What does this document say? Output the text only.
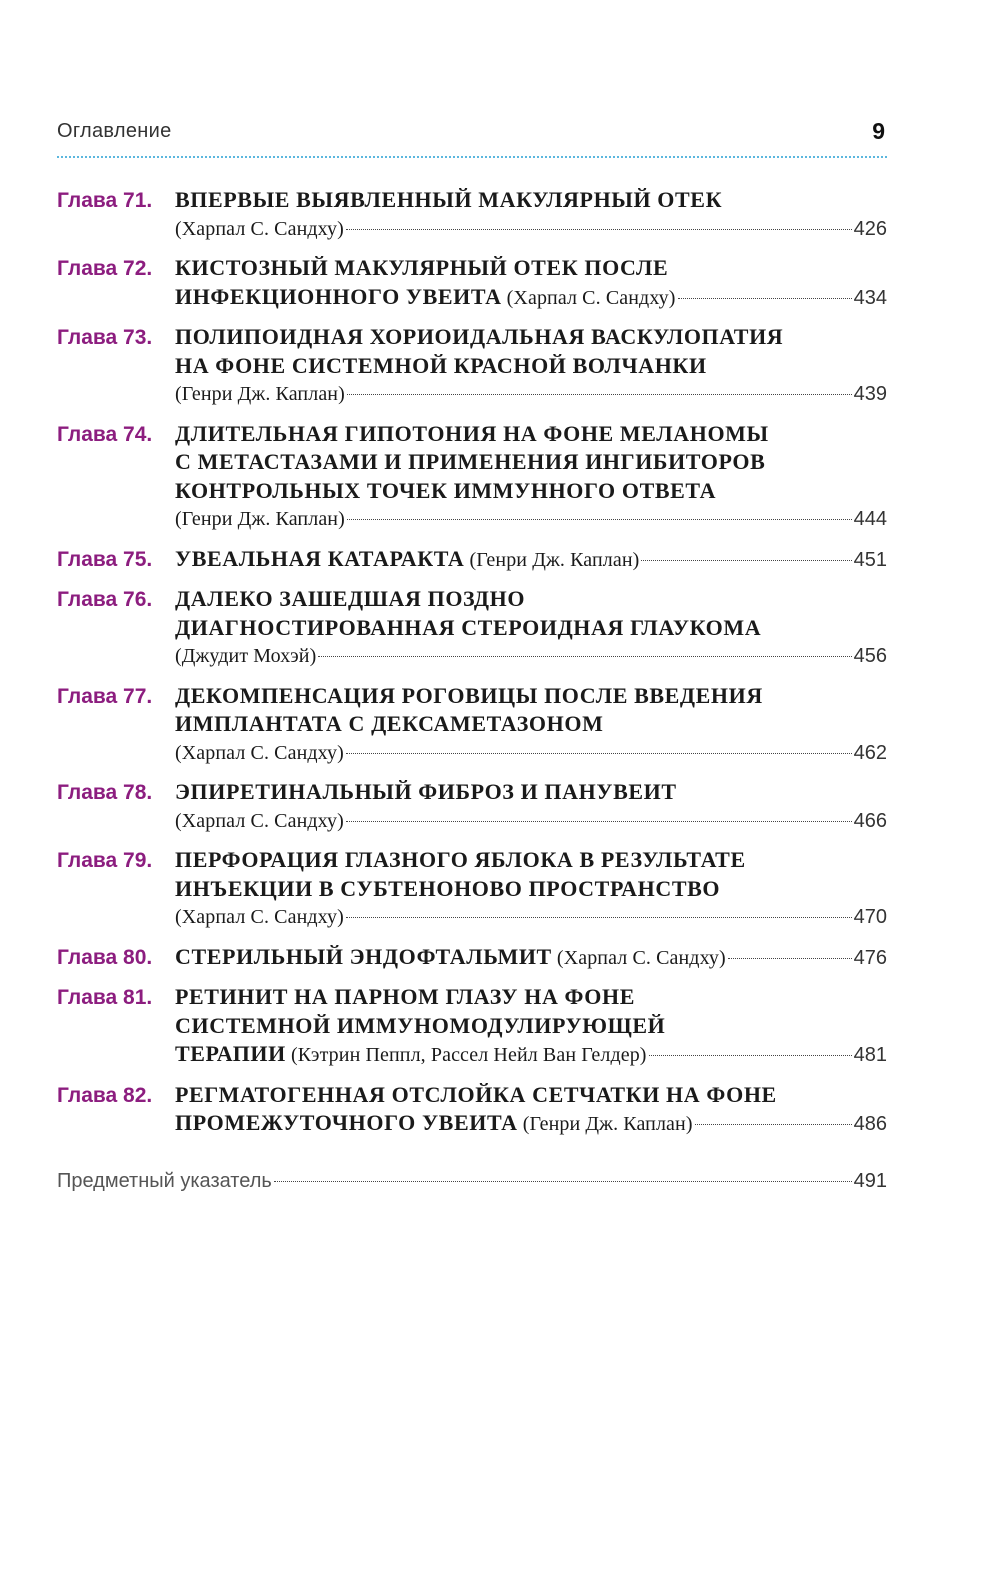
Оглавление	9
Глава 71. ВПЕРВЫЕ ВЫЯВЛЕННЫЙ МАКУЛЯРНЫЙ ОТЕК
(Харпал С. Сандху)	426
Глава 72. КИСТОЗНЫЙ МАКУЛЯРНЫЙ ОТЕК ПОСЛЕ
ИНФЕКЦИОННОГО УВЕИТА (Харпал С. Сандху)	434
Глава 73. ПОЛИПОИДНАЯ ХОРИОИДАЛЬНАЯ ВАСКУЛОПАТИЯ
НА ФОНЕ СИСТЕМНОЙ КРАСНОЙ ВОЛЧАНКИ
(Генри Дж. Каплан)	439
Глава 74. ДЛИТЕЛЬНАЯ ГИПОТОНИЯ НА ФОНЕ МЕЛАНОМЫ
С МЕТАСТАЗАМИ И ПРИМЕНЕНИЯ ИНГИБИТОРОВ
КОНТРОЛЬНЫХ ТОЧЕК ИММУННОГО ОТВЕТА
(Генри Дж. Каплан)	444
Глава 75. УВЕАЛЬНАЯ КАТАРАКТА (Генри Дж. Каплан)	451
Глава 76. ДАЛЕКО ЗАШЕДШАЯ ПОЗДНО
ДИАГНОСТИРОВАННАЯ СТЕРОИДНАЯ ГЛАУКОМА
(Джудит Мохэй)	456
Глава 77. ДЕКОМПЕНСАЦИЯ РОГОВИЦЫ ПОСЛЕ ВВЕДЕНИЯ
ИМПЛАНТАТА С ДЕКСАМЕТАЗОНОМ
(Харпал С. Сандху)	462
Глава 78. ЭПИРЕТИНАЛЬНЫЙ ФИБРОЗ И ПАНУВЕИТ
(Харпал С. Сандху)	466
Глава 79. ПЕРФОРАЦИЯ ГЛАЗНОГО ЯБЛОКА В РЕЗУЛЬТАТЕ
ИНЪЕКЦИИ В СУБТЕНОНОВО ПРОСТРАНСТВО
(Харпал С. Сандху)	470
Глава 80. СТЕРИЛЬНЫЙ ЭНДОФТАЛЬМИТ (Харпал С. Сандху)	476
Глава 81. РЕТИНИТ НА ПАРНОМ ГЛАЗУ НА ФОНЕ
СИСТЕМНОЙ ИММУНОМОДУЛИРУЮЩЕЙ
ТЕРАПИИ (Кэтрин Пеппл, Рассел Нейл Ван Гелдер)	481
Глава 82. РЕГМАТОГЕННАЯ ОТСЛОЙКА СЕТЧАТКИ НА ФОНЕ
ПРОМЕЖУТОЧНОГО УВЕИТА (Генри Дж. Каплан)	486
Предметный указатель	491
